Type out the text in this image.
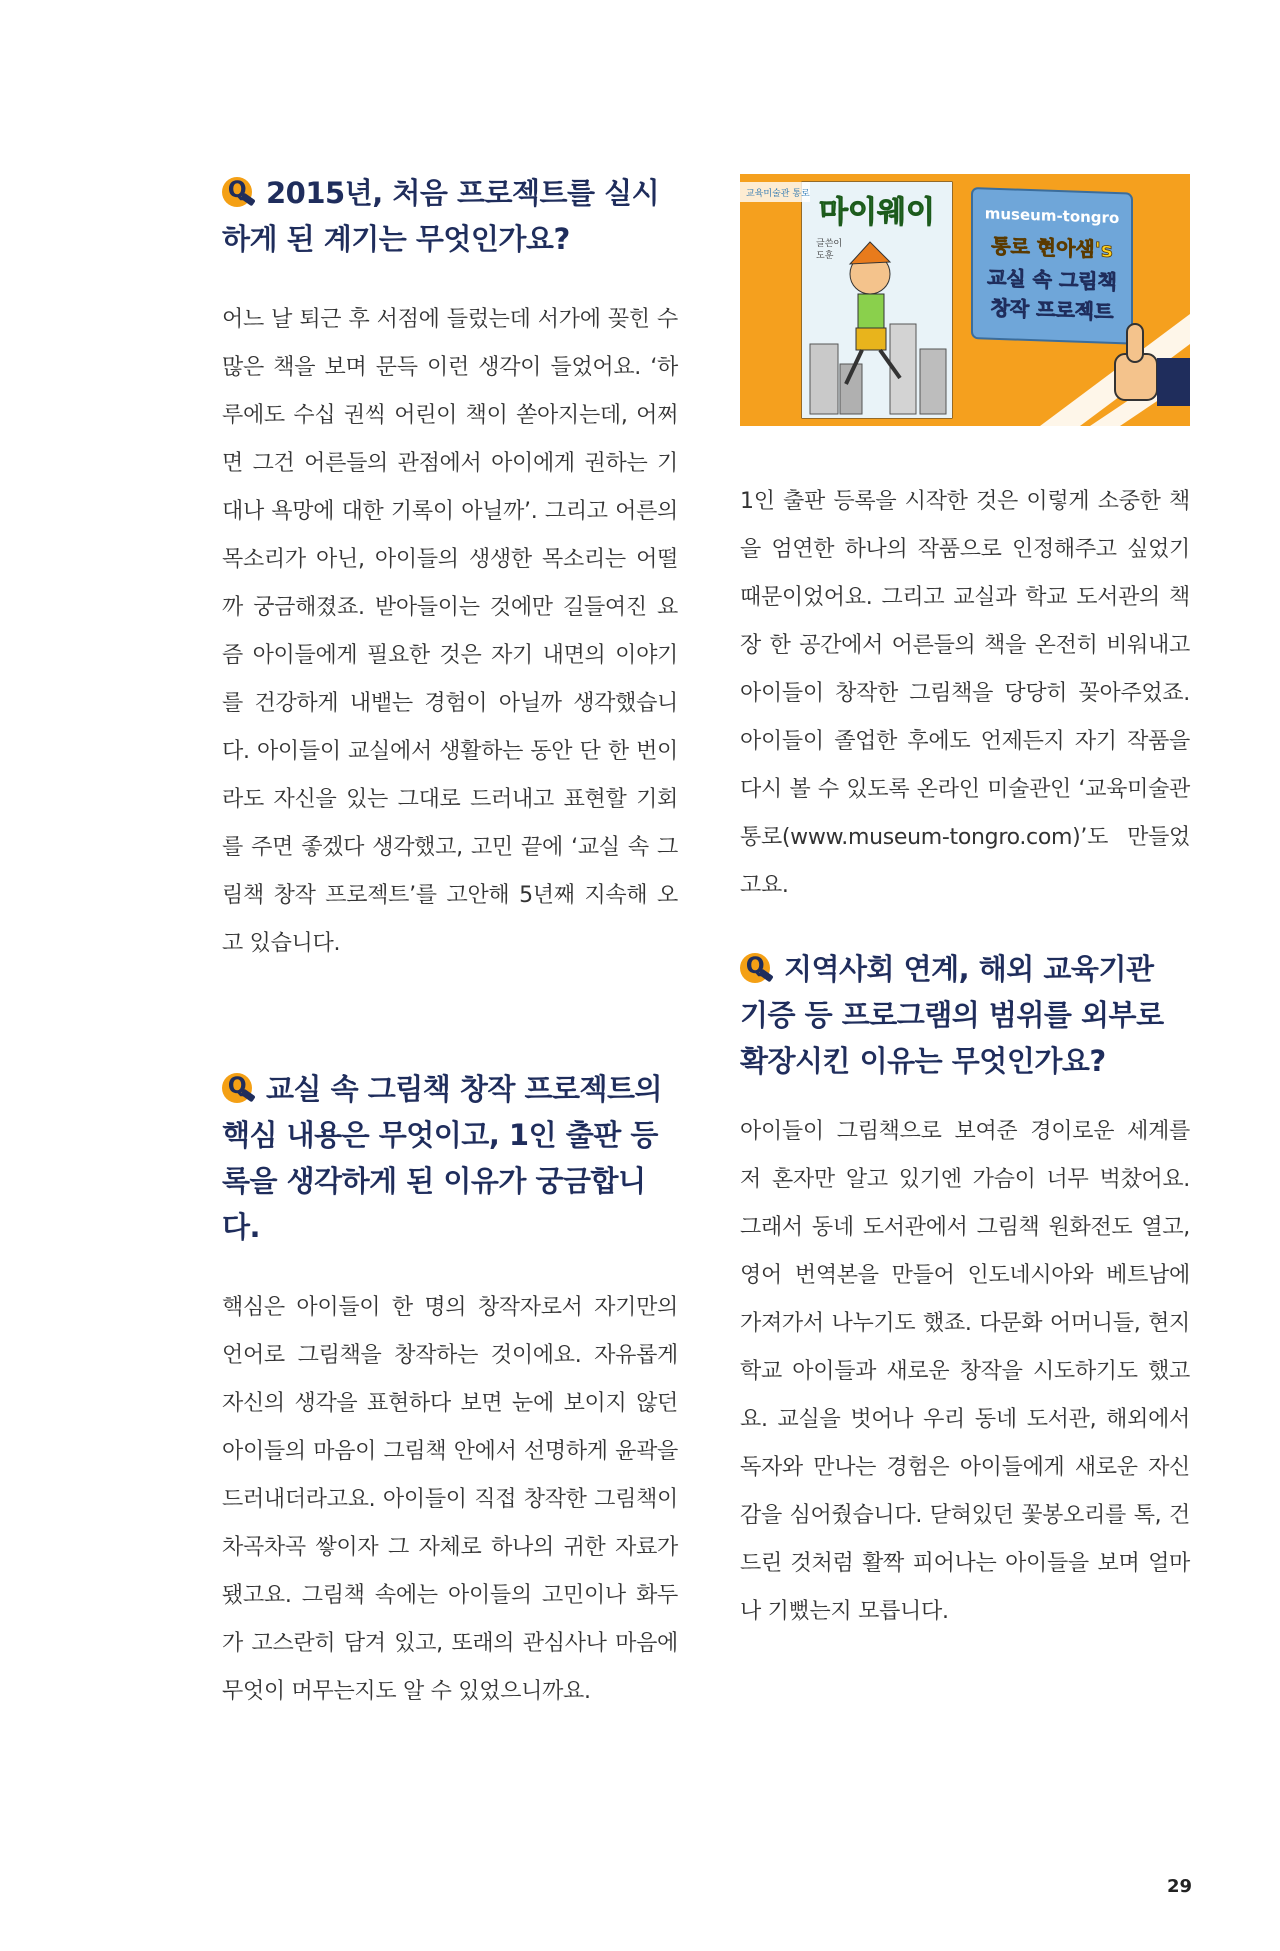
Q 2015년, 처음 프로젝트를 실시하게 된 계기는 무엇인가요?

어느 날 퇴근 후 서점에 들렀는데 서가에 꽂힌 수많은 책을 보며 문득 이런 생각이 들었어요. ‘하루에도 수십 권씩 어린이 책이 쏟아지는데, 어쩌면 그건 어른들의 관점에서 아이에게 권하는 기대나 욕망에 대한 기록이 아닐까’. 그리고 어른의 목소리가 아닌, 아이들의 생생한 목소리는 어떨까 궁금해졌죠. 받아들이는 것에만 길들여진 요즘 아이들에게 필요한 것은 자기 내면의 이야기를 건강하게 내뱉는 경험이 아닐까 생각했습니다. 아이들이 교실에서 생활하는 동안 단 한 번이라도 자신을 있는 그대로 드러내고 표현할 기회를 주면 좋겠다 생각했고, 고민 끝에 ‘교실 속 그림책 창작 프로젝트’를 고안해 5년째 지속해 오고 있습니다.

Q 교실 속 그림책 창작 프로젝트의 핵심 내용은 무엇이고, 1인 출판 등록을 생각하게 된 이유가 궁금합니다.

핵심은 아이들이 한 명의 창작자로서 자기만의 언어로 그림책을 창작하는 것이에요. 자유롭게 자신의 생각을 표현하다 보면 눈에 보이지 않던 아이들의 마음이 그림책 안에서 선명하게 윤곽을 드러내더라고요. 아이들이 직접 창작한 그림책이 차곡차곡 쌓이자 그 자체로 하나의 귀한 자료가 됐고요. 그림책 속에는 아이들의 고민이나 화두가 고스란히 담겨 있고, 또래의 관심사나 마음에 무엇이 머무는지도 알 수 있었으니까요.

마이웨이
글쓴이
도훈
교육미술관 통로
museum-tongro
통로 현아샘's
교실 속 그림책
창작 프로젝트

1인 출판 등록을 시작한 것은 이렇게 소중한 책을 엄연한 하나의 작품으로 인정해주고 싶었기 때문이었어요. 그리고 교실과 학교 도서관의 책장 한 공간에서 어른들의 책을 온전히 비워내고 아이들이 창작한 그림책을 당당히 꽂아주었죠. 아이들이 졸업한 후에도 언제든지 자기 작품을 다시 볼 수 있도록 온라인 미술관인 ‘교육미술관 통로(www.museum-tongro.com)’도 만들었고요.

Q 지역사회 연계, 해외 교육기관 기증 등 프로그램의 범위를 외부로 확장시킨 이유는 무엇인가요?

아이들이 그림책으로 보여준 경이로운 세계를 저 혼자만 알고 있기엔 가슴이 너무 벅찼어요. 그래서 동네 도서관에서 그림책 원화전도 열고, 영어 번역본을 만들어 인도네시아와 베트남에 가져가서 나누기도 했죠. 다문화 어머니들, 현지 학교 아이들과 새로운 창작을 시도하기도 했고요. 교실을 벗어나 우리 동네 도서관, 해외에서 독자와 만나는 경험은 아이들에게 새로운 자신감을 심어줬습니다. 닫혀있던 꽃봉오리를 톡, 건드린 것처럼 활짝 피어나는 아이들을 보며 얼마나 기뻤는지 모릅니다.

29
